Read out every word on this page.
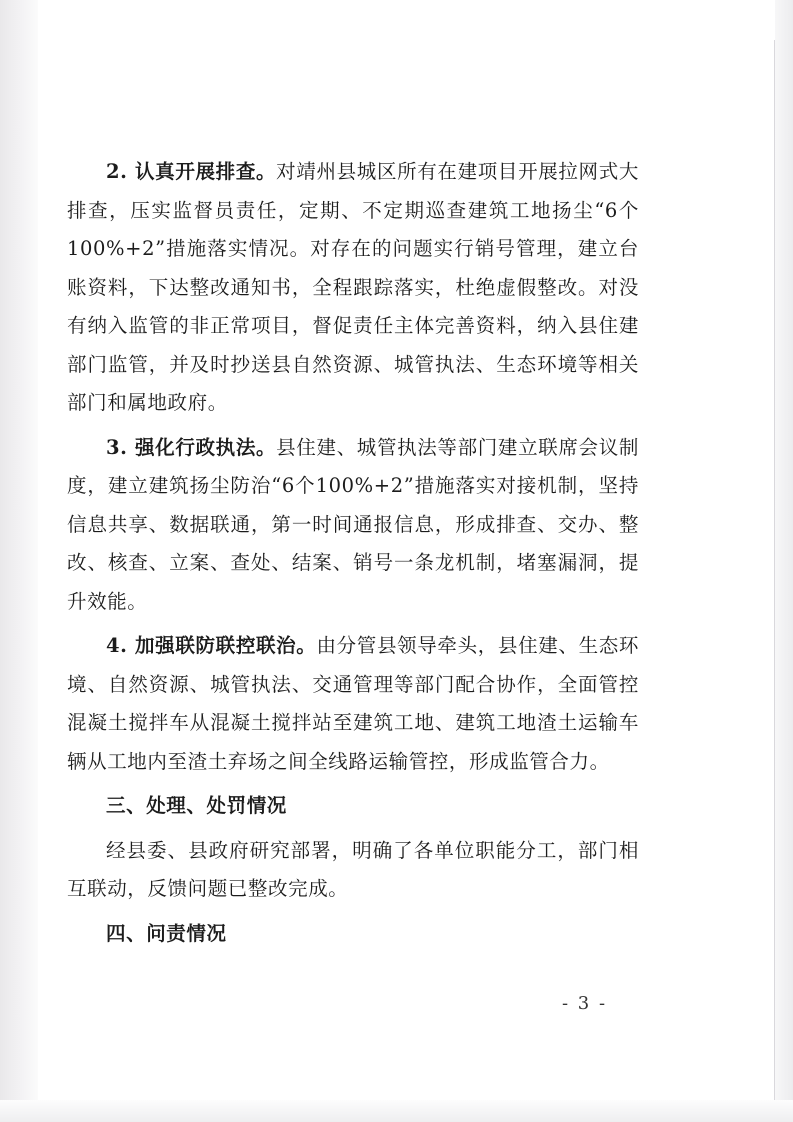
2. 认真开展排查。对靖州县城区所有在建项目开展拉网式大排查，压实监督员责任，定期、不定期巡查建筑工地扬尘“6个100%+2”措施落实情况。对存在的问题实行销号管理，建立台账资料，下达整改通知书，全程跟踪落实，杜绝虚假整改。对没有纳入监管的非正常项目，督促责任主体完善资料，纳入县住建部门监管，并及时抄送县自然资源、城管执法、生态环境等相关部门和属地政府。

3. 强化行政执法。县住建、城管执法等部门建立联席会议制度，建立建筑扬尘防治“6个100%+2”措施落实对接机制，坚持信息共享、数据联通，第一时间通报信息，形成排查、交办、整改、核查、立案、查处、结案、销号一条龙机制，堵塞漏洞，提升效能。

4. 加强联防联控联治。由分管县领导牵头，县住建、生态环境、自然资源、城管执法、交通管理等部门配合协作，全面管控混凝土搅拌车从混凝土搅拌站至建筑工地、建筑工地渣土运输车辆从工地内至渣土弃场之间全线路运输管控，形成监管合力。

三、处理、处罚情况

经县委、县政府研究部署，明确了各单位职能分工，部门相互联动，反馈问题已整改完成。

四、问责情况

- 3 -
